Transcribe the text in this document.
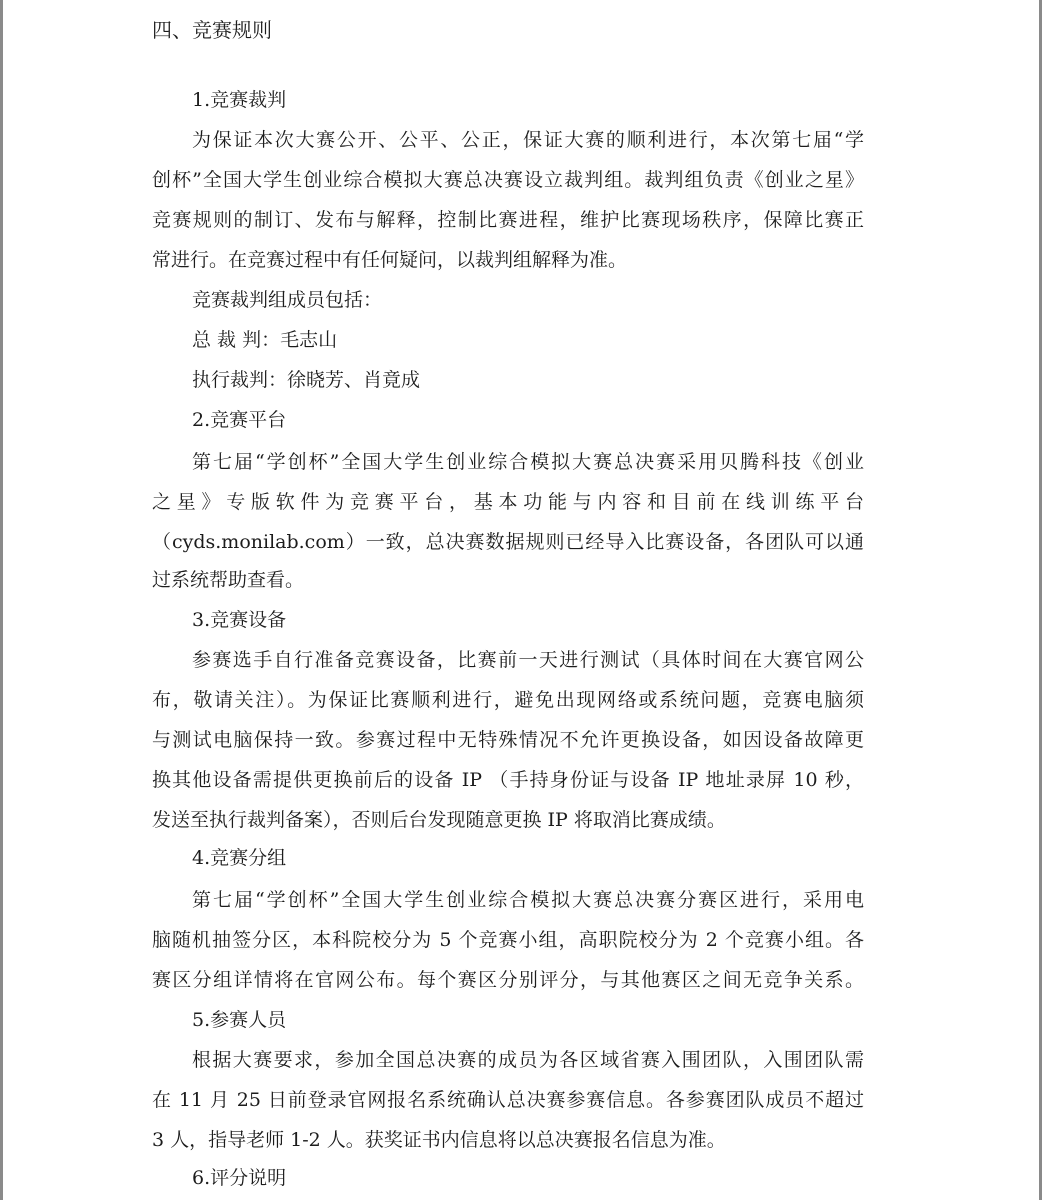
四、竞赛规则
1.竞赛裁判
为保证本次大赛公开、公平、公正，保证大赛的顺利进行，本次第七届“学
创杯”全国大学生创业综合模拟大赛总决赛设立裁判组。裁判组负责《创业之星》
竞赛规则的制订、发布与解释，控制比赛进程，维护比赛现场秩序，保障比赛正
常进行。在竞赛过程中有任何疑问，以裁判组解释为准。
竞赛裁判组成员包括：
总 裁 判：毛志山
执行裁判：徐晓芳、肖竟成
2.竞赛平台
第七届“学创杯”全国大学生创业综合模拟大赛总决赛采用贝腾科技《创业
之星》专版软件为竞赛平台，基本功能与内容和目前在线训练平台
（cyds.monilab.com）一致，总决赛数据规则已经导入比赛设备，各团队可以通
过系统帮助查看。
3.竞赛设备
参赛选手自行准备竞赛设备，比赛前一天进行测试（具体时间在大赛官网公
布，敬请关注）。为保证比赛顺利进行，避免出现网络或系统问题，竞赛电脑须
与测试电脑保持一致。参赛过程中无特殊情况不允许更换设备，如因设备故障更
换其他设备需提供更换前后的设备 IP （手持身份证与设备 IP 地址录屏 10 秒，
发送至执行裁判备案），否则后台发现随意更换 IP 将取消比赛成绩。
4.竞赛分组
第七届“学创杯”全国大学生创业综合模拟大赛总决赛分赛区进行，采用电
脑随机抽签分区，本科院校分为 5 个竞赛小组，高职院校分为 2 个竞赛小组。各
赛区分组详情将在官网公布。每个赛区分别评分，与其他赛区之间无竞争关系。
5.参赛人员
根据大赛要求，参加全国总决赛的成员为各区域省赛入围团队，入围团队需
在 11 月 25 日前登录官网报名系统确认总决赛参赛信息。各参赛团队成员不超过
3 人，指导老师 1-2 人。获奖证书内信息将以总决赛报名信息为准。
6.评分说明
